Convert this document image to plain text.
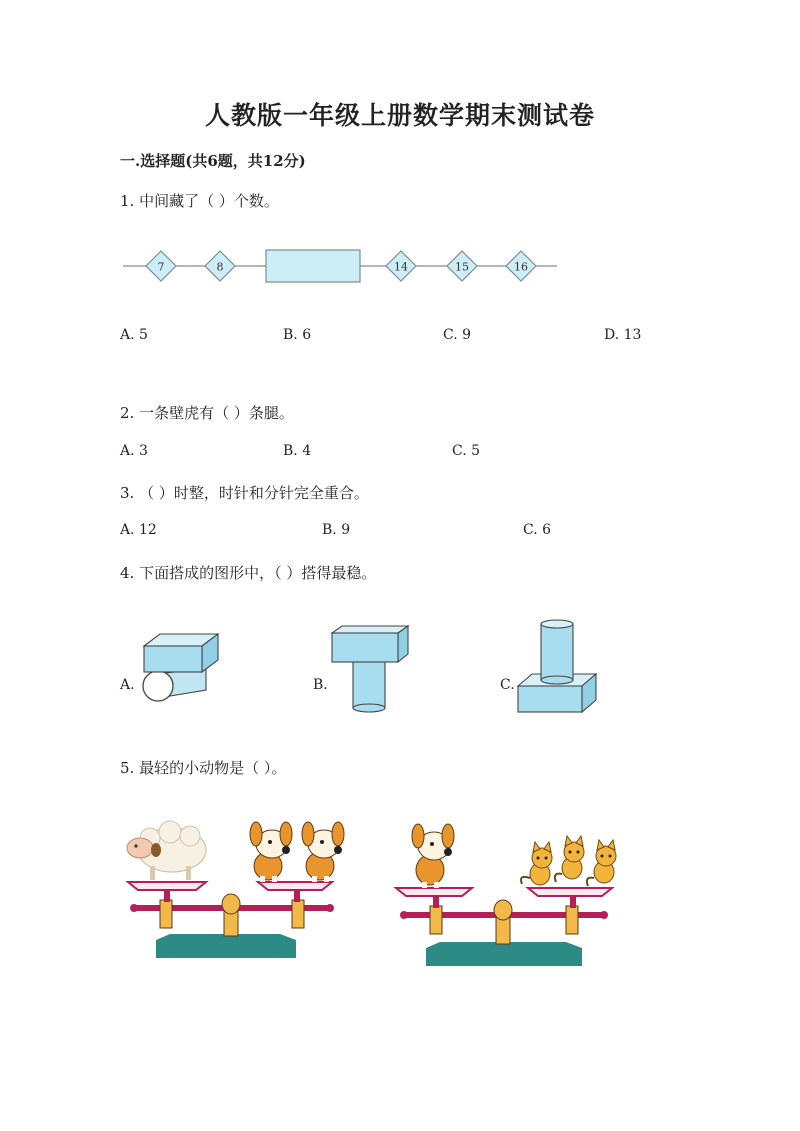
人教版一年级上册数学期末测试卷
一.选择题(共6题，共12分)
1. 中间藏了（ ）个数。
7	8	14	15	16
A. 5	B. 6	C. 9	D. 13
2. 一条壁虎有（ ）条腿。
A. 3	B. 4	C. 5
3. （ ）时整，时针和分针完全重合。
A. 12	B. 9	C. 6
4. 下面搭成的图形中，（ ）搭得最稳。
A.	B.	C.
5. 最轻的小动物是（ ）。
